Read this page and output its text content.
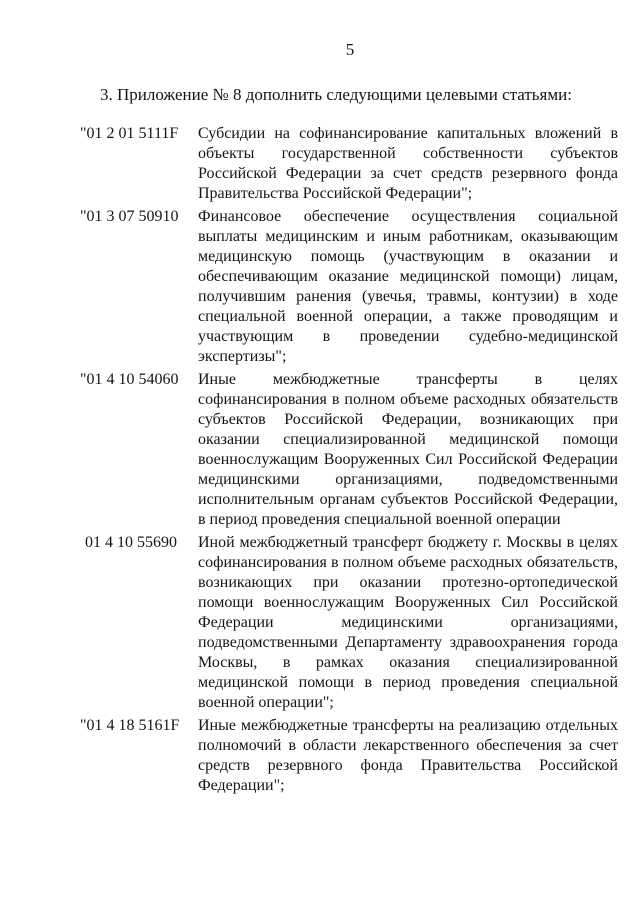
5
3. Приложение № 8 дополнить следующими целевыми статьями:
"01 2 01 5111F Субсидии на софинансирование капитальных вложений в объекты государственной собственности субъектов Российской Федерации за счет средств резервного фонда Правительства Российской Федерации";
"01 3 07 50910 Финансовое обеспечение осуществления социальной выплаты медицинским и иным работникам, оказывающим медицинскую помощь (участвующим в оказании и обеспечивающим оказание медицинской помощи) лицам, получившим ранения (увечья, травмы, контузии) в ходе специальной военной операции, а также проводящим и участвующим в проведении судебно-медицинской экспертизы";
"01 4 10 54060 Иные межбюджетные трансферты в целях софинансирования в полном объеме расходных обязательств субъектов Российской Федерации, возникающих при оказании специализированной медицинской помощи военнослужащим Вооруженных Сил Российской Федерации медицинскими организациями, подведомственными исполнительным органам субъектов Российской Федерации, в период проведения специальной военной операции
01 4 10 55690 Иной межбюджетный трансферт бюджету г. Москвы в целях софинансирования в полном объеме расходных обязательств, возникающих при оказании протезно-ортопедической помощи военнослужащим Вооруженных Сил Российской Федерации медицинскими организациями, подведомственными Департаменту здравоохранения города Москвы, в рамках оказания специализированной медицинской помощи в период проведения специальной военной операции";
"01 4 18 5161F Иные межбюджетные трансферты на реализацию отдельных полномочий в области лекарственного обеспечения за счет средств резервного фонда Правительства Российской Федерации";
